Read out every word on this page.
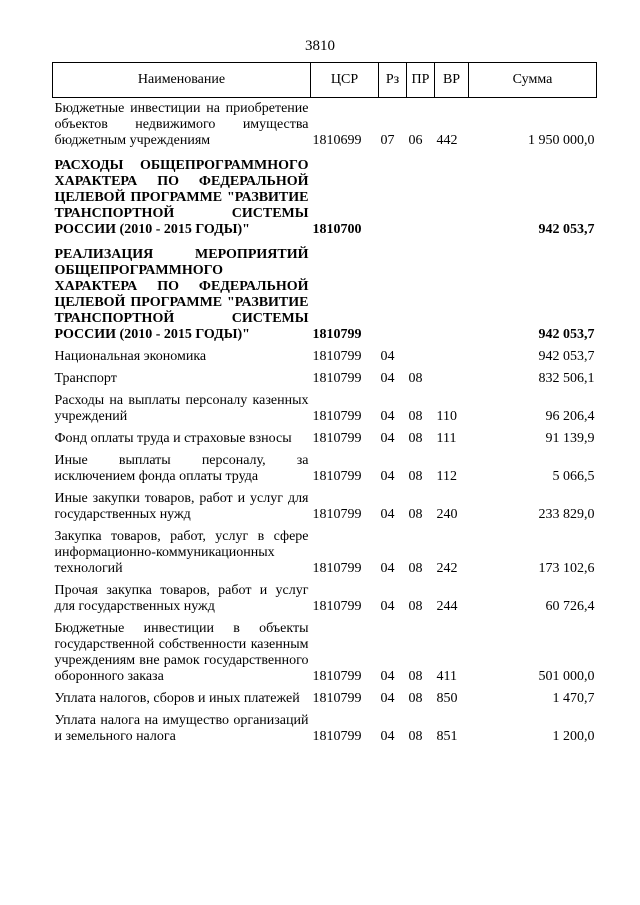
3810
Наименование	ЦСР	Рз	ПР	ВР	Сумма
Бюджетные инвестиции на приобретение объектов недвижимого имущества бюджетным учреждениям	1810699	07	06	442	1 950 000,0
РАСХОДЫ ОБЩЕПРОГРАММНОГО ХАРАКТЕРА ПО ФЕДЕРАЛЬНОЙ ЦЕЛЕВОЙ ПРОГРАММЕ "РАЗВИТИЕ ТРАНСПОРТНОЙ СИСТЕМЫ РОССИИ (2010 - 2015 ГОДЫ)"	1810700				942 053,7
РЕАЛИЗАЦИЯ МЕРОПРИЯТИЙ ОБЩЕПРОГРАММНОГО ХАРАКТЕРА ПО ФЕДЕРАЛЬНОЙ ЦЕЛЕВОЙ ПРОГРАММЕ "РАЗВИТИЕ ТРАНСПОРТНОЙ СИСТЕМЫ РОССИИ (2010 - 2015 ГОДЫ)"	1810799				942 053,7
Национальная экономика	1810799	04			942 053,7
Транспорт	1810799	04	08		832 506,1
Расходы на выплаты персоналу казенных учреждений	1810799	04	08	110	96 206,4
Фонд оплаты труда и страховые взносы	1810799	04	08	111	91 139,9
Иные выплаты персоналу, за исключением фонда оплаты труда	1810799	04	08	112	5 066,5
Иные закупки товаров, работ и услуг для государственных нужд	1810799	04	08	240	233 829,0
Закупка товаров, работ, услуг в сфере информационно-коммуникационных технологий	1810799	04	08	242	173 102,6
Прочая закупка товаров, работ и услуг для государственных нужд	1810799	04	08	244	60 726,4
Бюджетные инвестиции в объекты государственной собственности казенным учреждениям вне рамок государственного оборонного заказа	1810799	04	08	411	501 000,0
Уплата налогов, сборов и иных платежей	1810799	04	08	850	1 470,7
Уплата налога на имущество организаций и земельного налога	1810799	04	08	851	1 200,0
